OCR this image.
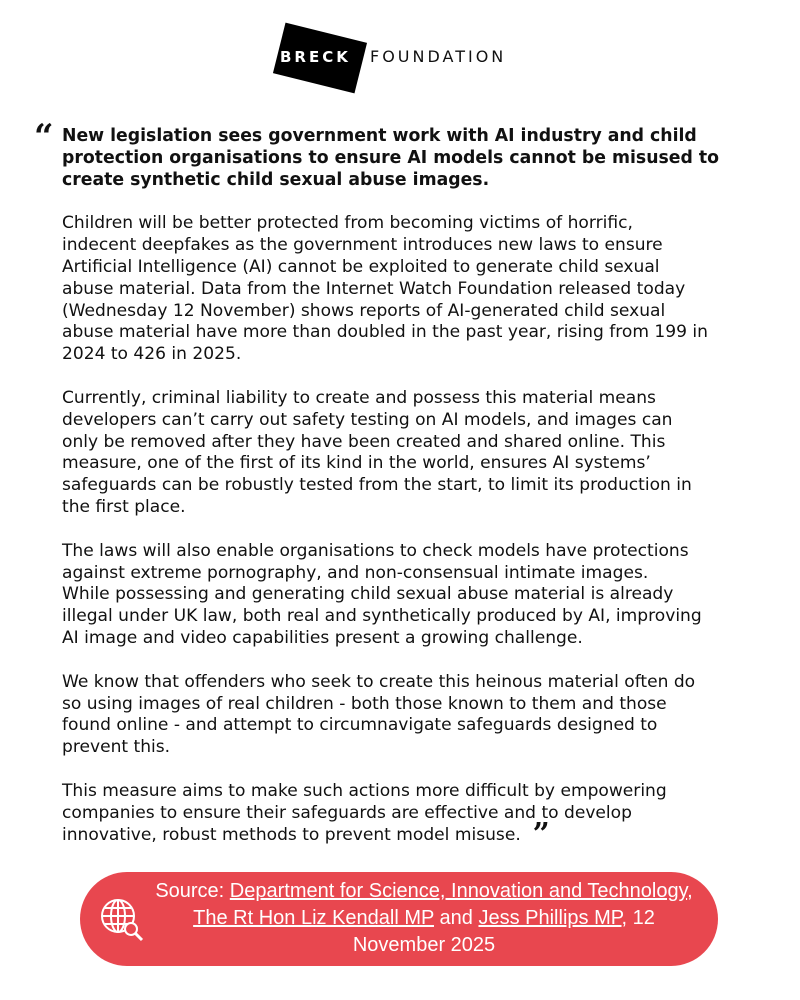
BRECK FOUNDATION
“ New legislation sees government work with AI industry and child
protection organisations to ensure AI models cannot be misused to
create synthetic child sexual abuse images.
Children will be better protected from becoming victims of horrific,
indecent deepfakes as the government introduces new laws to ensure
Artificial Intelligence (AI) cannot be exploited to generate child sexual
abuse material. Data from the Internet Watch Foundation released today
(Wednesday 12 November) shows reports of AI-generated child sexual
abuse material have more than doubled in the past year, rising from 199 in
2024 to 426 in 2025.
Currently, criminal liability to create and possess this material means
developers can’t carry out safety testing on AI models, and images can
only be removed after they have been created and shared online. This
measure, one of the first of its kind in the world, ensures AI systems’
safeguards can be robustly tested from the start, to limit its production in
the first place.
The laws will also enable organisations to check models have protections
against extreme pornography, and non-consensual intimate images.
While possessing and generating child sexual abuse material is already
illegal under UK law, both real and synthetically produced by AI, improving
AI image and video capabilities present a growing challenge.
We know that offenders who seek to create this heinous material often do
so using images of real children - both those known to them and those
found online - and attempt to circumnavigate safeguards designed to
prevent this.
This measure aims to make such actions more difficult by empowering
companies to ensure their safeguards are effective and to develop
innovative, robust methods to prevent model misuse. ”
Source: Department for Science, Innovation and Technology, The Rt Hon Liz Kendall MP and Jess Phillips MP, 12 November 2025
